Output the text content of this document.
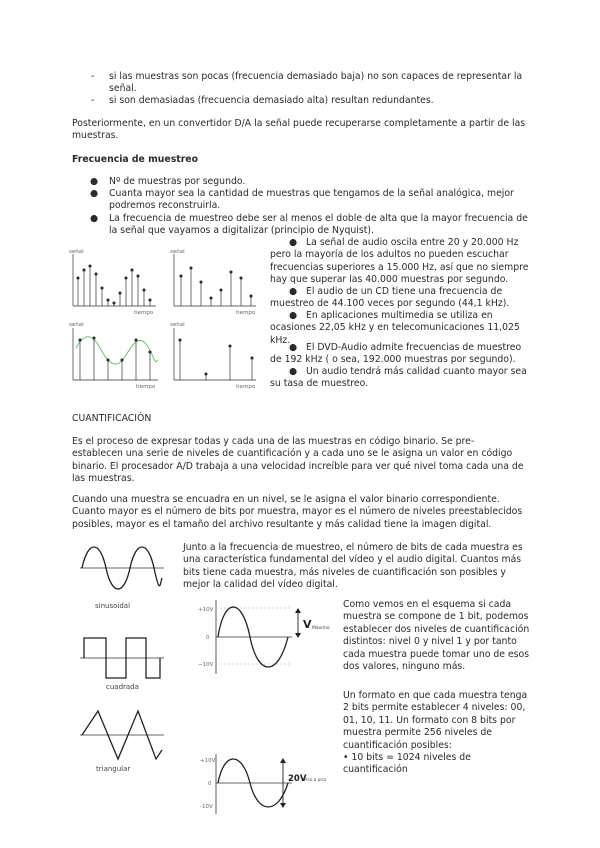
- si las muestras son pocas (frecuencia demasiado baja) no son capaces de representar la señal.

- si son demasiadas (frecuencia demasiado alta) resultan redundantes.

Posteriormente, en un convertidor D/A la señal puede recuperarse completamente a partir de las muestras.

Frecuencia de muestreo

● Nº de muestras por segundo.

● Cuanta mayor sea la cantidad de muestras que tengamos de la señal analógica, mejor podremos reconstruirla.

● La frecuencia de muestreo debe ser al menos el doble de alta que la mayor frecuencia de la señal que vayamos a digitalizar (principio de Nyquist).

señal
tiempo
señal
tiempo
señal
tiempo
señal
tiempo

●   La señal de audio oscila entre 20 y 20.000 Hz pero la mayoría de los adultos no pueden escuchar frecuencias superiores a 15.000 Hz, así que no siempre hay que superar las 40.000 muestras por segundo.

●   El audio de un CD tiene una frecuencia de muestreo de 44.100 veces por segundo (44,1 kHz).

●   En aplicaciones multimedia se utiliza en ocasiones 22,05 kHz y en telecomunicaciones 11,025 kHz.

●   El DVD-Audio admite frecuencias de muestreo de 192 kHz ( o sea, 192.000 muestras por segundo).

●   Un audio tendrá más calidad cuanto mayor sea su tasa de muestreo.

CUANTIFICACIÓN

Es el proceso de expresar todas y cada una de las muestras en código binario. Se pre-establecen una serie de niveles de cuantificación y a cada uno se le asigna un valor en código binario. El procesador A/D trabaja a una velocidad increíble para ver qué nivel toma cada una de las muestras.

Cuando una muestra se encuadra en un nivel, se le asigna el valor binario correspondiente. Cuanto mayor es el número de bits por muestra, mayor es el número de niveles preestablecidos posibles, mayor es el tamaño del archivo resultante y más calidad tiene la imagen digital.

Junto a la frecuencia de muestreo, el número de bits de cada muestra es una característica fundamental del vídeo y el audio digital. Cuantos más bits tiene cada muestra, más niveles de cuantificación son posibles y mejor la calidad del vídeo digital.

sinusoidal
cuadrada
triangular
+10V
0
−10V
V Máximo
+10V
0
-10V
20V
Pico a pico

Como vemos en el esquema si cada muestra se compone de 1 bit, podemos establecer dos niveles de cuantificación distintos: nivel 0 y nivel 1 y por tanto cada muestra puede tomar uno de esos dos valores, ninguno más.

Un formato en que cada muestra tenga 2 bits permite establecer 4 niveles: 00, 01, 10, 11. Un formato con 8 bits por muestra permite 256 niveles de cuantificación posibles:

• 10 bits = 1024 niveles de cuantificación
